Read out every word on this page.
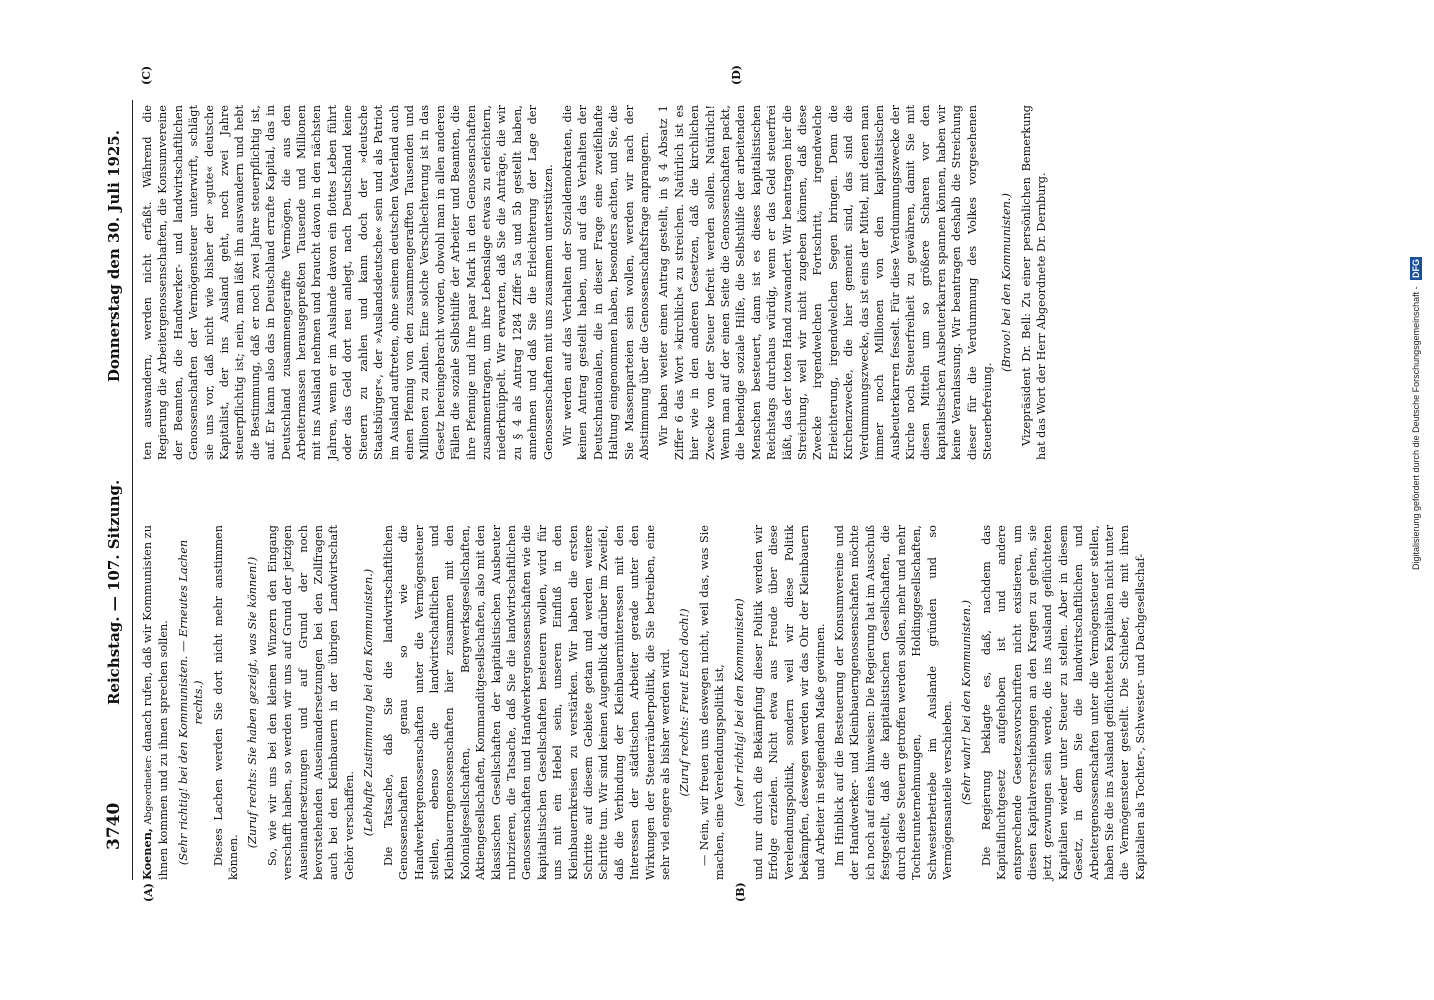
3740
Reichstag. — 107. Sitzung.
Donnerstag den 30. Juli 1925.
(A)	(B)
(C)	(D)

Koenen, Abgeordneter: danach rufen, daß wir Kommunisten zu ihnen kommen und zu ihnen sprechen sollen. (Sehr richtig! bei den Kommunisten. — Erneutes Lachen rechts.) Dieses Lachen werden Sie dort nicht mehr anstimmen können.

(Zuruf rechts: Sie haben gezeigt, was Sie können!) So, wie wir uns bei den kleinen Winzern den Eingang verschafft haben, so werden wir uns auf Grund der jetzigen Auseinandersetzungen und auf Grund der noch bevorstehenden Auseinandersetzungen bei den Zollfragen auch bei den Kleinbauern in der übrigen Landwirtschaft Gehör verschaffen. (Lebhafte Zustimmung bei den Kommunisten.) Die Tatsache, daß Sie die landwirtschaftlichen Genossenschaften genau so wie die Handwerkergenossenschaften unter die Vermögensteuer stellen, ebenso die landwirtschaftlichen und Kleinbauerngenossenschaften hier zusammen mit den Kolonialgesellschaften, Bergwerksgesellschaften, Aktiengesellschaften, Kommanditgesellschaften, also mit den klassischen Gesellschaften der kapitalistischen Ausbeuter rubrizieren, die Tatsache, daß Sie die landwirtschaftlichen Genossenschaften und Handwerkergenossenschaften wie die kapitalistischen Gesellschaften besteuern wollen, wird für uns mit ein Hebel sein, unseren Einfluß in den Kleinbauernkreisen zu verstärken. Wir haben die ersten Schritte auf diesem Gebiete getan und werden weitere Schritte tun. Wir sind keinen Augenblick darüber im Zweifel, daß die Verbindung der Kleinbauerninteressen mit den Interessen der städtischen Arbeiter gerade unter den Wirkungen der Steuerräuberpolitik, die Sie betreiben, eine sehr viel engere als bisher werden wird. (Zuruf rechts: Freut Euch doch!) — Nein, wir freuen uns deswegen nicht, weil das, was Sie machen, eine Verelendungspolitik ist, (sehr richtig! bei den Kommunisten) und nur durch die Bekämpfung dieser Politik werden wir Erfolge erzielen. Nicht etwa aus Freude über diese Verelendungspolitik, sondern weil wir diese Politik bekämpfen, deswegen werden wir das Ohr der Kleinbauern und Arbeiter in steigendem Maße gewinnen. Im Hinblick auf die Besteuerung der Konsumvereine und der Handwerker- und Kleinbauerngenossenschaften möchte ich noch auf eines hinweisen: Die Regierung hat im Ausschuß festgestellt, daß die kapitalistischen Gesellschaften, die durch diese Steuern getroffen werden sollen, mehr und mehr Tochterunternehmungen, Holdinggesellschaften, Schwesterbetriebe im Auslande gründen und so Vermögensanteile verschieben. (Sehr wahr! bei den Kommunisten.) Die Regierung beklagte es, daß, nachdem das Kapitalfluchtgesetz aufgehoben ist und andere entsprechende Gesetzesvorschriften nicht existieren, um diesen Kapitalverschiebungen an den Kragen zu gehen, sie jetzt gezwungen sein werde, die ins Ausland geflüchteten Kapitalien wieder unter Steuer zu stellen. Aber in diesem Gesetz, in dem Sie die landwirtschaftlichen und Arbeitergenossenschaften unter die Vermögensteuer stellen, haben Sie die ins Ausland geflüchteten Kapitalien nicht unter die Vermögensteuer gestellt. Die Schieber, die mit ihren Kapitalien als Tochter-, Schwester- und Dachgesellschaf-

ten auswandern, werden nicht erfaßt. Während die Regierung die Arbeitergenossenschaften, die Konsumvereine der Beamten, die Handwerker- und landwirtschaftlichen Genossenschaften der Vermögensteuer unterwirft, schlägt sie uns vor, daß nicht wie bisher der »gute« deutsche Kapitalist, der ins Ausland geht, noch zwei Jahre steuerpflichtig ist; nein, man läßt ihn auswandern und hebt die Bestimmung, daß er noch zwei Jahre steuerpflichtig ist, auf. Er kann also das in Deutschland errafte Kapital, das in Deutschland zusammengeraffte Vermögen, die aus den Arbeitermassen herausgepreßten Tausende und Millionen mit ins Ausland nehmen und braucht davon in den nächsten Jahren, wenn er im Auslande davon ein flottes Leben führt oder das Geld dort neu anlegt, nach Deutschland keine Steuern zu zahlen und kann doch der »deutsche Staatsbürger«, der »Auslandsdeutsche« sein und als Patriot im Ausland auftreten, ohne seinem deutschen Vaterland auch einen Pfennig von den zusammengerafften Tausenden und Millionen zu zahlen. Eine solche Verschlechterung ist in das Gesetz hereingebracht worden, obwohl man in allen anderen Fällen die soziale Selbsthilfe der Arbeiter und Beamten, die ihre Pfennige und ihre paar Mark in den Genossenschaften zusammentragen, um ihre Lebenslage etwas zu erleichtern, niederknüppelt. Wir erwarten, daß Sie die Anträge, die wir zu § 4 als Antrag 1284 Ziffer 5a und 5b gestellt haben, annehmen und daß Sie die Erleichterung der Lage der Genossenschaften mit uns zusammen unterstützen. Wir werden auf das Verhalten der Sozialdemokraten, die keinen Antrag gestellt haben, und auf das Verhalten der Deutschnationalen, die in dieser Frage eine zweifelhafte Haltung eingenommen haben, besonders achten, und Sie, die Sie Massenparteien sein wollen, werden wir nach der Abstimmung über die Genossenschaftsfrage anprangern. Wir haben weiter einen Antrag gestellt, in § 4 Absatz 1 Ziffer 6 das Wort »kirchlich« zu streichen. Natürlich ist es hier wie in den anderen Gesetzen, daß die kirchlichen Zwecke von der Steuer befreit werden sollen. Natürlich! Wenn man auf der einen Seite die Genossenschaften packt, die lebendige soziale Hilfe, die Selbsthilfe der arbeitenden Menschen besteuert, dann ist es dieses kapitalistischen Reichstags durchaus würdig, wenn er das Geld steuerfrei läßt, das der toten Hand zuwandert. Wir beantragen hier die Streichung, weil wir nicht zugeben können, daß diese Zwecke irgendwelchen Fortschritt, irgendwelche Erleichterung, irgendwelchen Segen bringen. Denn die Kirchenzwecke, die hier gemeint sind, das sind die Verdummungszwecke, das ist eins der Mittel, mit denen man immer noch Millionen von den kapitalistischen Ausbeuterkarren fesselt. Für diese Verdummungszwecke der Kirche noch Steuerfreiheit zu gewähren, damit Sie mit diesen Mitteln um so größere Scharen vor den kapitalistischen Ausbeuterkarren spannen können, haben wir keine Veranlassung. Wir beantragen deshalb die Streichung dieser für die Verdummung des Volkes vorgesehenen Steuerbefreiung.

(Bravo! bei den Kommunisten.) Vizepräsident Dr. Bell: Zu einer persönlichen Bemerkung hat das Wort der Herr Abgeordnete Dr. Dernburg.	Digitalisierung gefördert durch die Deutsche Forschungsgemeinschaft - DFG
